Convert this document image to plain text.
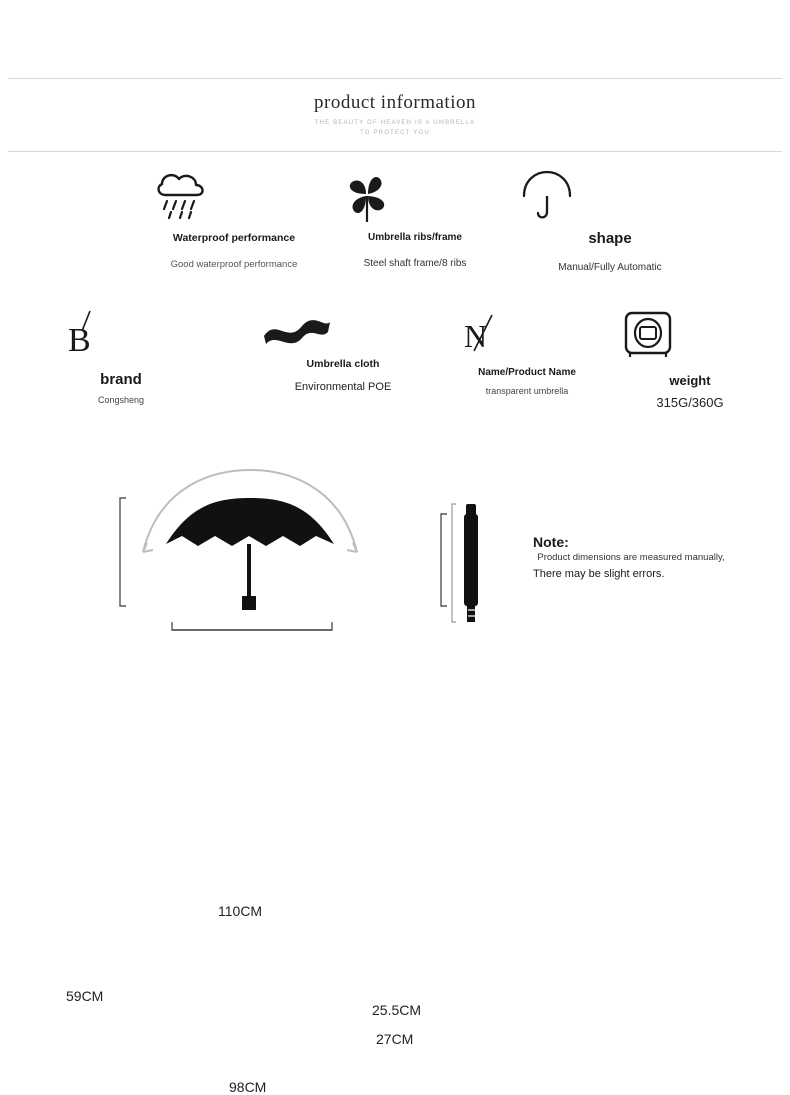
product information
THE BEAUTY OF HEAVEN IS A UMBRELLA
TO PROTECT YOU
Waterproof performance
Good waterproof performance
Umbrella ribs/frame
Steel shaft frame/8 ribs
shape
Manual/Fully Automatic
B
brand
Congsheng
Umbrella cloth
Environmental POE
N
Name/Product Name
transparent umbrella
weight
315G/360G
110CM
59CM
98CM
25.5CM
27CM
Note:
Product dimensions are measured manually,
There may be slight errors.
